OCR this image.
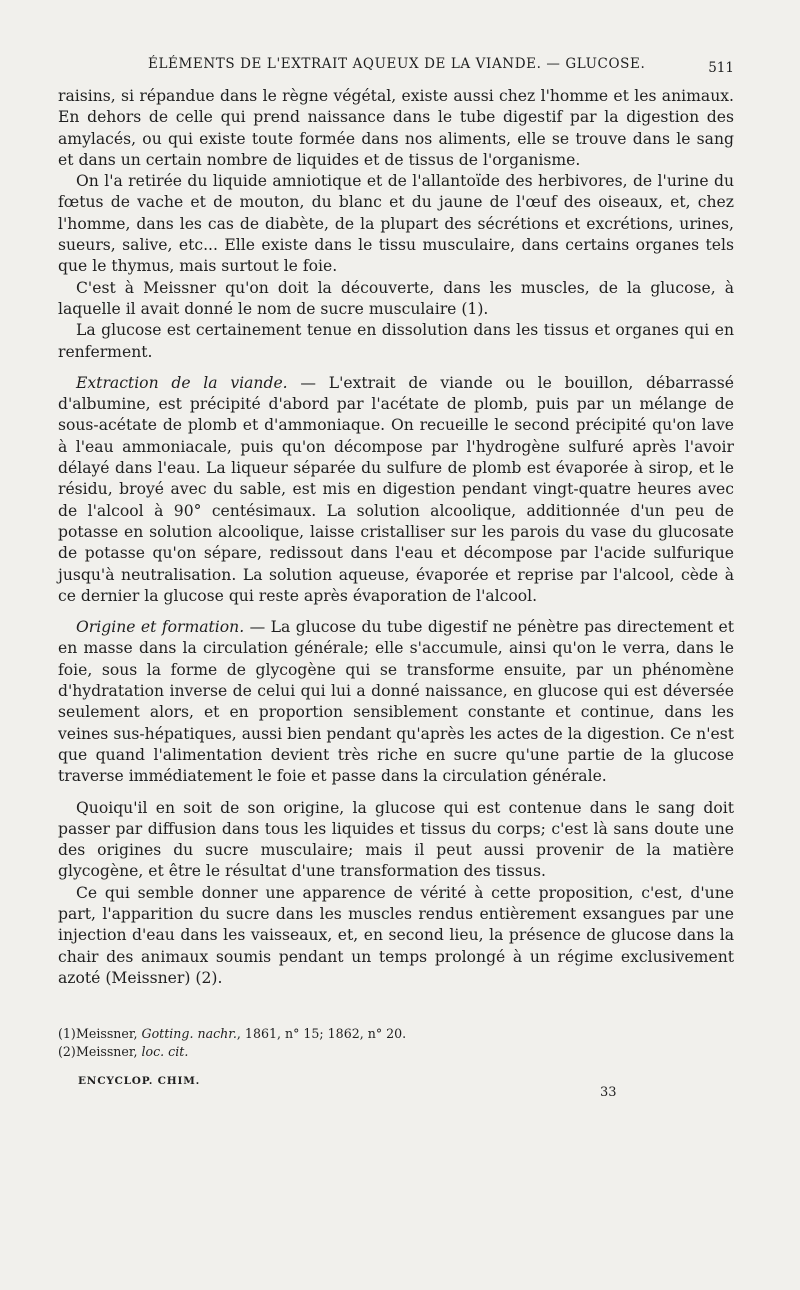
ÉLÉMENTS DE L'EXTRAIT AQUEUX DE LA VIANDE. — GLUCOSE.	511

raisins, si répandue dans le règne végétal, existe aussi chez l'homme et les animaux. En dehors de celle qui prend naissance dans le tube digestif par la digestion des amylacés, ou qui existe toute formée dans nos aliments, elle se trouve dans le sang et dans un certain nombre de liquides et de tissus de l'organisme.

On l'a retirée du liquide amniotique et de l'allantoïde des herbivores, de l'urine du fœtus de vache et de mouton, du blanc et du jaune de l'œuf des oiseaux, et, chez l'homme, dans les cas de diabète, de la plupart des sécrétions et excrétions, urines, sueurs, salive, etc... Elle existe dans le tissu musculaire, dans certains organes tels que le thymus, mais surtout le foie.

C'est à Meissner qu'on doit la découverte, dans les muscles, de la glucose, à laquelle il avait donné le nom de sucre musculaire (1).

La glucose est certainement tenue en dissolution dans les tissus et organes qui en renferment.

Extraction de la viande. — L'extrait de viande ou le bouillon, débarrassé d'albumine, est précipité d'abord par l'acétate de plomb, puis par un mélange de sous-acétate de plomb et d'ammoniaque. On recueille le second précipité qu'on lave à l'eau ammoniacale, puis qu'on décompose par l'hydrogène sulfuré après l'avoir délayé dans l'eau. La liqueur séparée du sulfure de plomb est évaporée à sirop, et le résidu, broyé avec du sable, est mis en digestion pendant vingt-quatre heures avec de l'alcool à 90° centésimaux. La solution alcoolique, additionnée d'un peu de potasse en solution alcoolique, laisse cristalliser sur les parois du vase du glucosate de potasse qu'on sépare, redissout dans l'eau et décompose par l'acide sulfurique jusqu'à neutralisation. La solution aqueuse, évaporée et reprise par l'alcool, cède à ce dernier la glucose qui reste après évaporation de l'alcool.

Origine et formation. — La glucose du tube digestif ne pénètre pas directement et en masse dans la circulation générale; elle s'accumule, ainsi qu'on le verra, dans le foie, sous la forme de glycogène qui se transforme ensuite, par un phénomène d'hydratation inverse de celui qui lui a donné naissance, en glucose qui est déversée seulement alors, et en proportion sensiblement constante et continue, dans les veines sus-hépatiques, aussi bien pendant qu'après les actes de la digestion. Ce n'est que quand l'alimentation devient très riche en sucre qu'une partie de la glucose traverse immédiatement le foie et passe dans la circulation générale.

Quoiqu'il en soit de son origine, la glucose qui est contenue dans le sang doit passer par diffusion dans tous les liquides et tissus du corps; c'est là sans doute une des origines du sucre musculaire; mais il peut aussi provenir de la matière glycogène, et être le résultat d'une transformation des tissus.

Ce qui semble donner une apparence de vérité à cette proposition, c'est, d'une part, l'apparition du sucre dans les muscles rendus entièrement exsangues par une injection d'eau dans les vaisseaux, et, en second lieu, la présence de glucose dans la chair des animaux soumis pendant un temps prolongé à un régime exclusivement azoté (Meissner) (2).

(1)Meissner, Gotting. nachr., 1861, n° 15; 1862, n° 20.

(2)Meissner, loc. cit.

ENCYCLOP. CHIM.
33
